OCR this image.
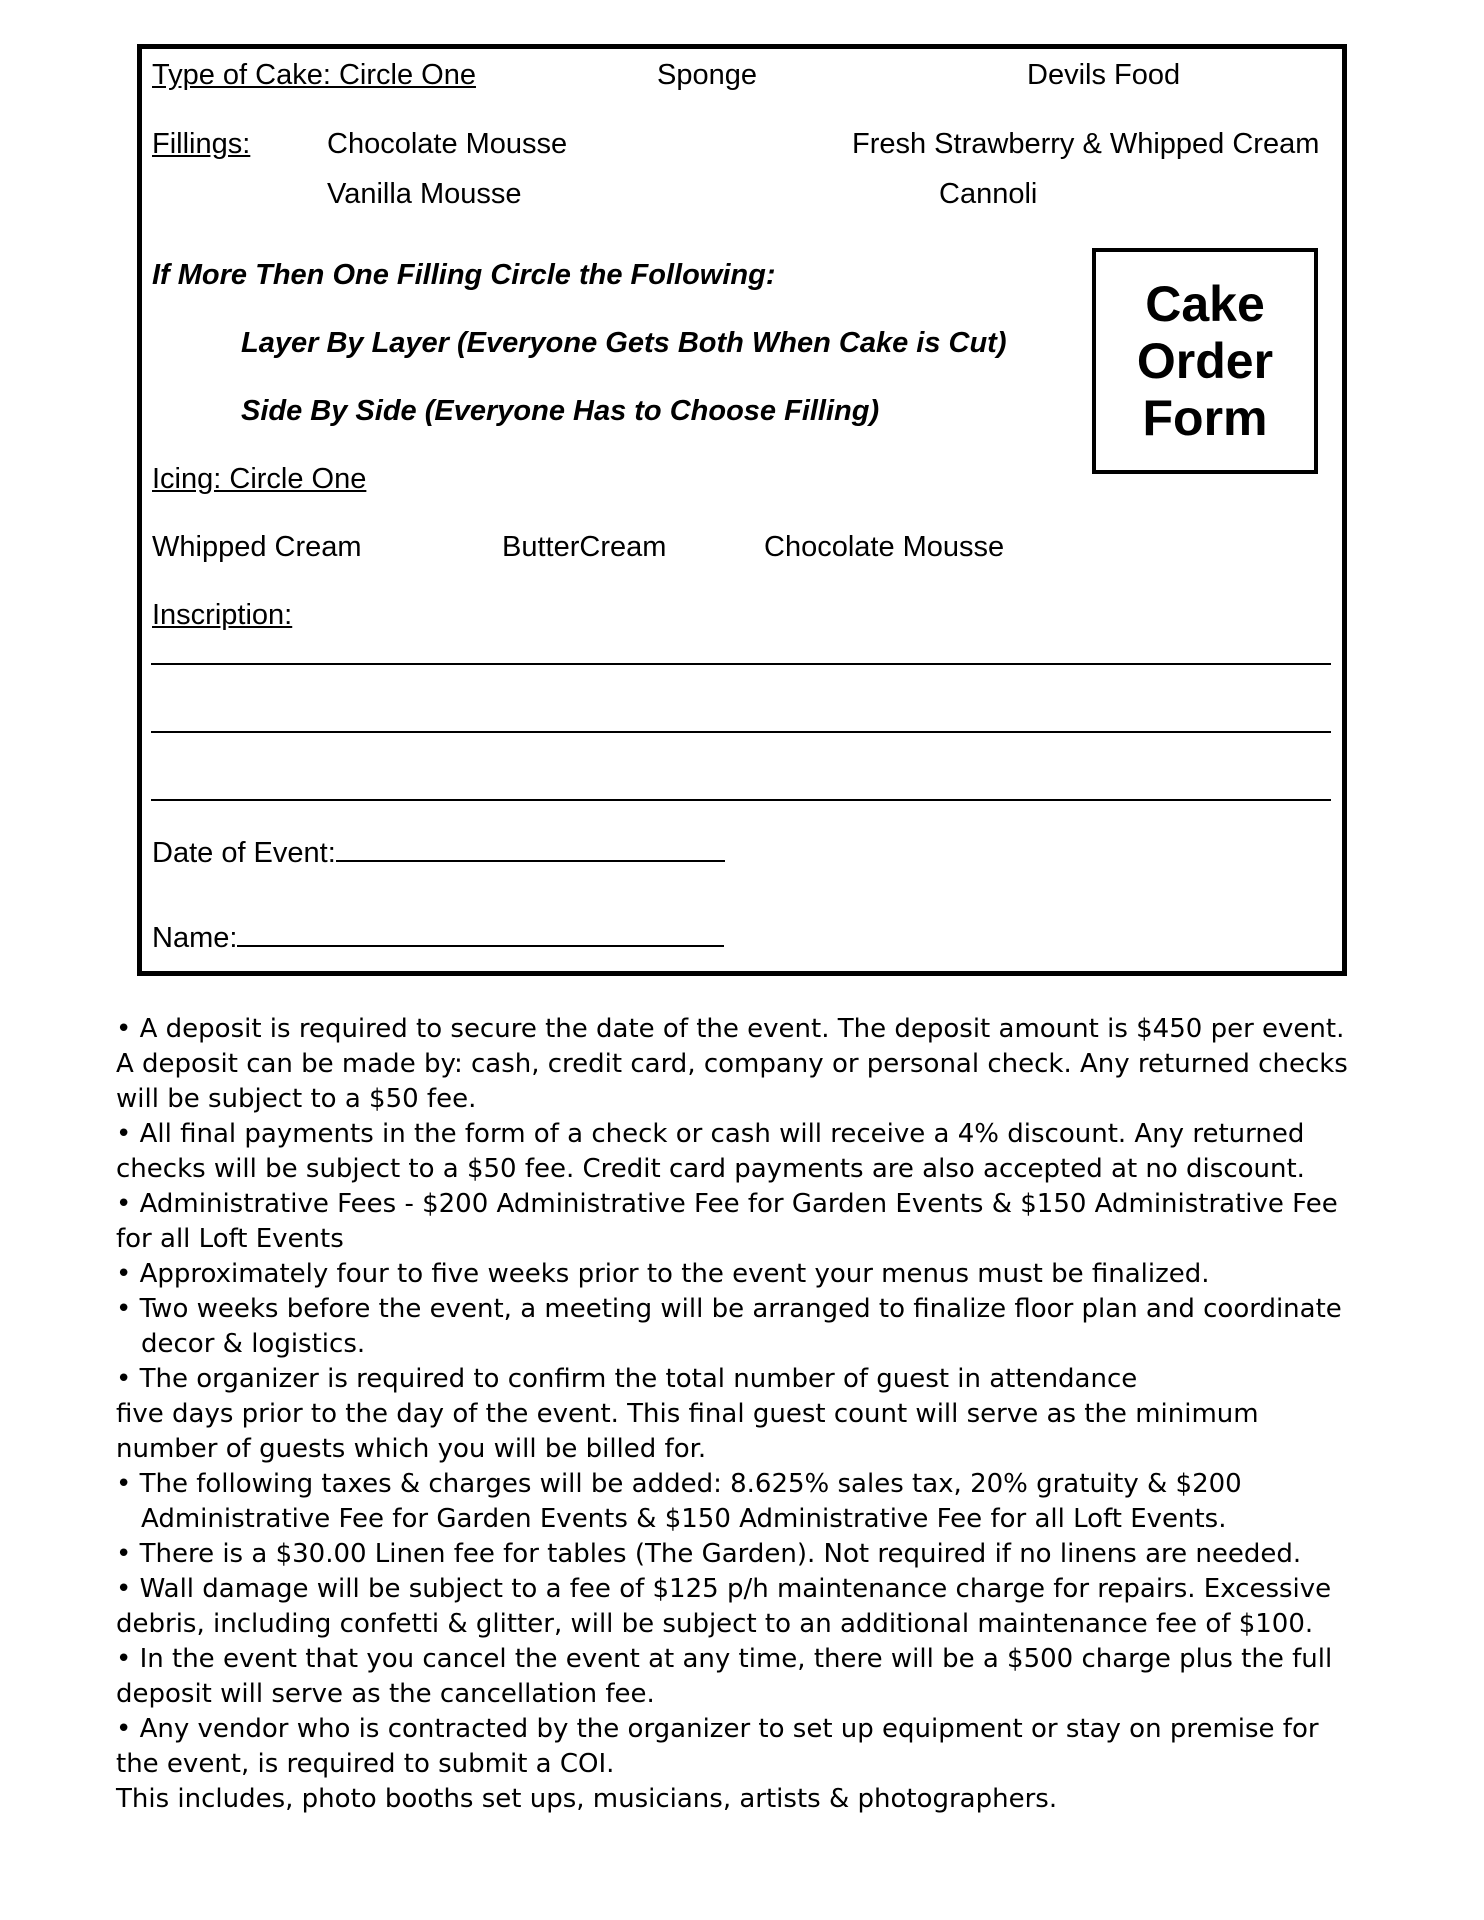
Type of Cake: Circle One	Sponge	Devils Food
Fillings:	Chocolate Mousse	Fresh Strawberry & Whipped Cream
Vanilla Mousse	Cannoli
If More Then One Filling Circle the Following:
Layer By Layer (Everyone Gets Both When Cake is Cut)
Side By Side (Everyone Has to Choose Filling)
Cake
Order
Form
Icing: Circle One
Whipped Cream	ButterCream	Chocolate Mousse
Inscription:
Date of Event:
Name:

• A deposit is required to secure the date of the event. The deposit amount is $450 per event. A deposit can be made by: cash, credit card, company or personal check. Any returned checks will be subject to a $50 fee.

• All final payments in the form of a check or cash will receive a 4% discount. Any returned checks will be subject to a $50 fee. Credit card payments are also accepted at no discount.

• Administrative Fees - $200 Administrative Fee for Garden Events & $150 Administrative Fee for all Loft Events

• Approximately four to five weeks prior to the event your menus must be finalized.

• Two weeks before the event, a meeting will be arranged to finalize floor plan and coordinate decor & logistics.

• The organizer is required to confirm the total number of guest in attendance

five days prior to the day of the event. This final guest count will serve as the minimum number of guests which you will be billed for.

• The following taxes & charges will be added: 8.625% sales tax, 20% gratuity & $200 Administrative Fee for Garden Events & $150 Administrative Fee for all Loft Events.

• There is a $30.00 Linen fee for tables (The Garden). Not required if no linens are needed.

• Wall damage will be subject to a fee of $125 p/h maintenance charge for repairs. Excessive debris, including confetti & glitter, will be subject to an additional maintenance fee of $100.

• In the event that you cancel the event at any time, there will be a $500 charge plus the full deposit will serve as the cancellation fee.

• Any vendor who is contracted by the organizer to set up equipment or stay on premise for the event, is required to submit a COI.

This includes, photo booths set ups, musicians, artists & photographers.
